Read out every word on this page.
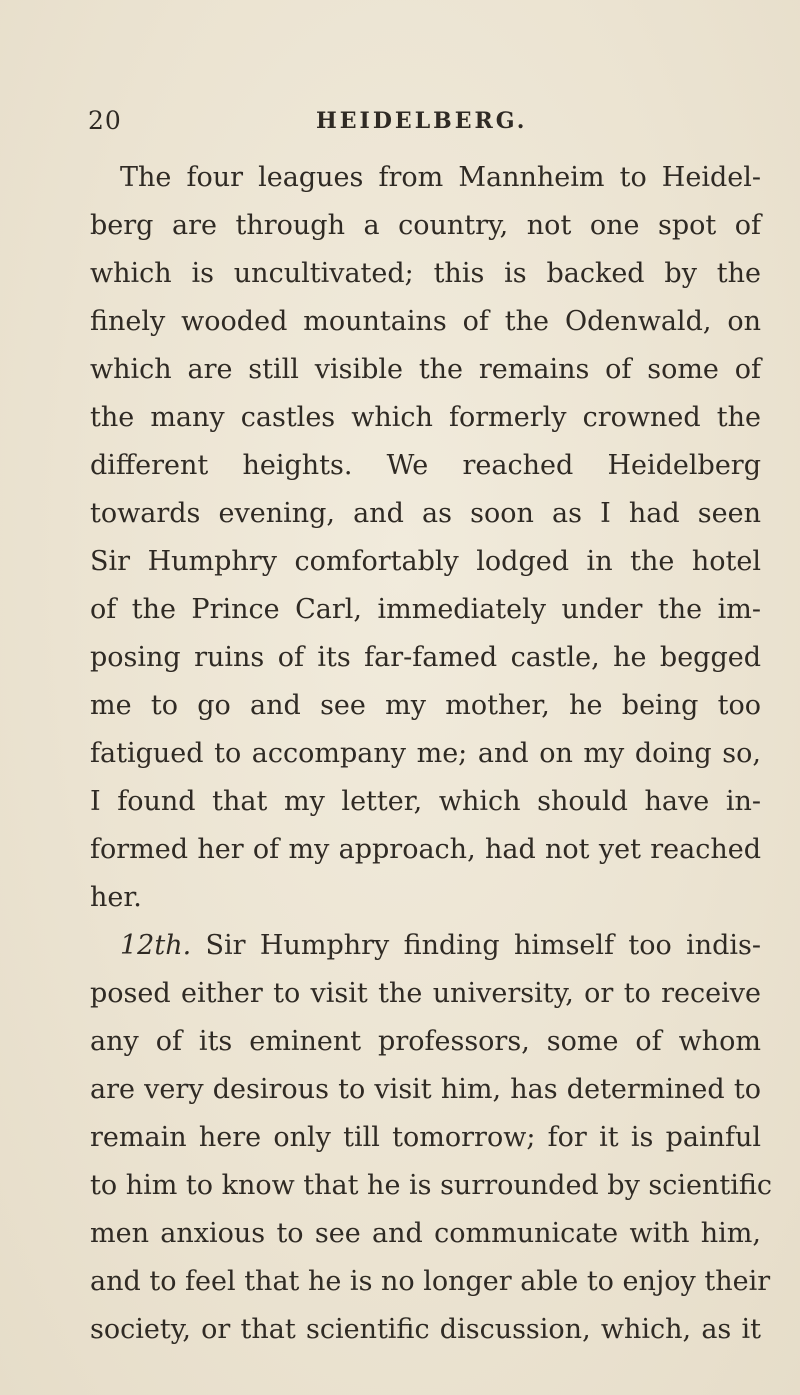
20	HEIDELBERG.
The four leagues from Mannheim to Heidel-
berg are through a country, not one spot of
which is uncultivated; this is backed by the
finely wooded mountains of the Odenwald, on
which are still visible the remains of some of
the many castles which formerly crowned the
different heights. We reached Heidelberg
towards evening, and as soon as I had seen
Sir Humphry comfortably lodged in the hotel
of the Prince Carl, immediately under the im-
posing ruins of its far-famed castle, he begged
me to go and see my mother, he being too
fatigued to accompany me; and on my doing so,
I found that my letter, which should have in-
formed her of my approach, had not yet reached
her.
12th. Sir Humphry finding himself too indis-
posed either to visit the university, or to receive
any of its eminent professors, some of whom
are very desirous to visit him, has determined to
remain here only till tomorrow; for it is painful
to him to know that he is surrounded by scientific
men anxious to see and communicate with him,
and to feel that he is no longer able to enjoy their
society, or that scientific discussion, which, as it
